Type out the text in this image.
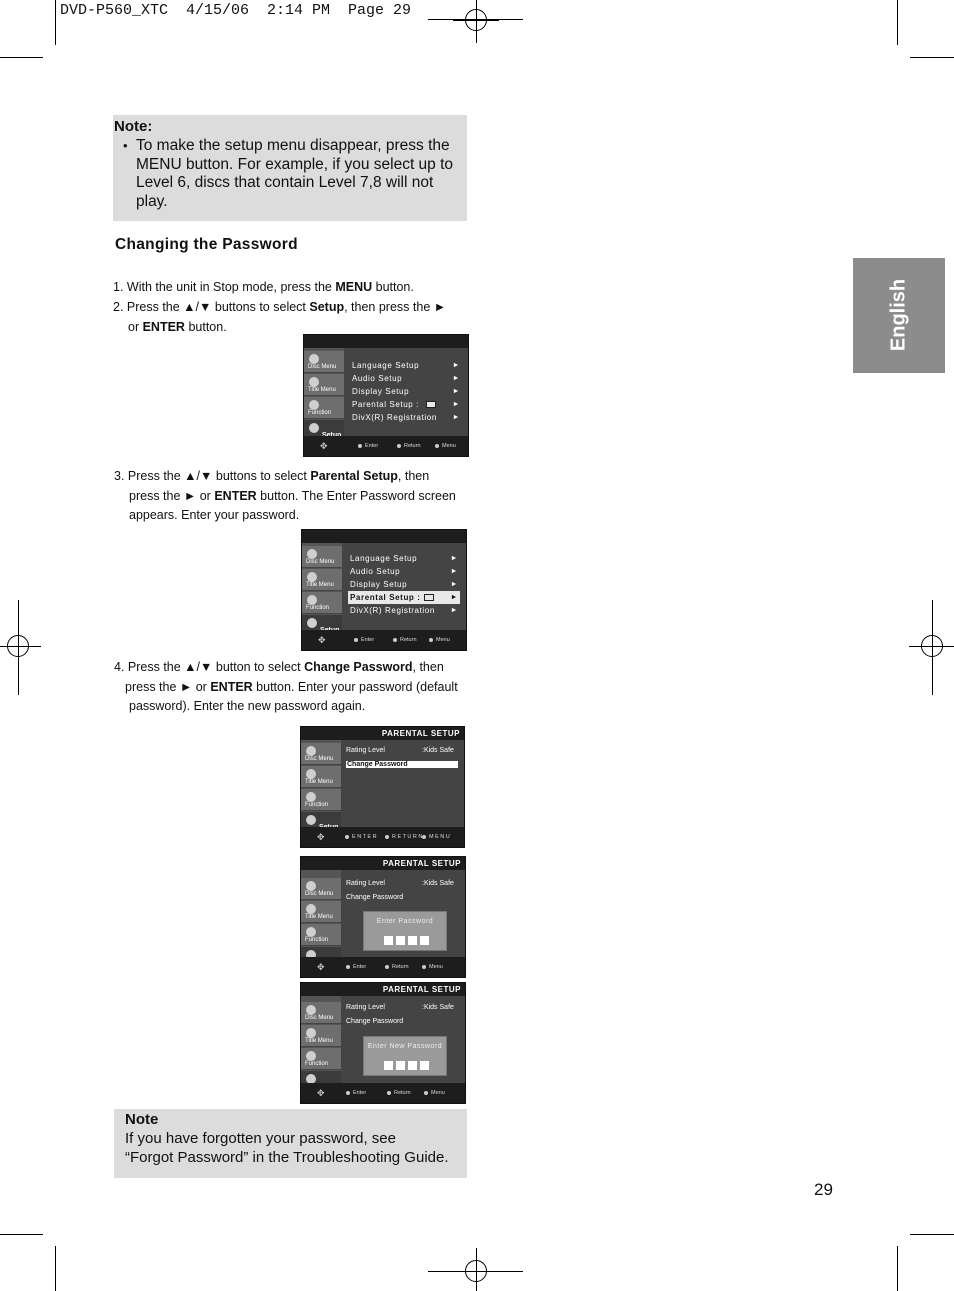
DVD-P560_XTC  4/15/06  2:14 PM  Page 29
Note:
• To make the setup menu disappear, press the MENU button. For example, if you select up to Level 6, discs that contain Level 7,8 will not play.
Changing the Password
1. With the unit in Stop mode, press the MENU button.
2. Press the ▲/▼ buttons to select Setup, then press the ►
or ENTER button.
Disc Menu
Title Menu
Function
Language Setup	►
Audio Setup	►
Display Setup	►
Parental Setup :	►
DivX(R) Registration ►
✥	Enter	Return	Menu
3. Press the ▲/▼ buttons to select Parental Setup, then
press the ► or ENTER button. The Enter Password screen
appears. Enter your password.
Disc Menu
Title Menu
Function
Language Setup	►
Audio Setup	►
Display Setup	►
Parental Setup :	►
DivX(R) Registration ►
✥	Enter	Return	Menu
4. Press the ▲/▼ button to select Change Password, then
press the ► or ENTER button. Enter your password (default
password). Enter the new password again.
PARENTAL SETUP
Disc Menu
Title Menu
Function
Rating Level	:Kids Safe
Change Password
✥	E N T E R	R E T U R N	M E N U
PARENTAL SETUP
Disc Menu
Title Menu
Function
Rating Level	:Kids Safe
Change Password
Enter Password
✥	Enter	Return	Menu
PARENTAL SETUP
Disc Menu
Title Menu
Function
Rating Level	:Kids Safe
Change Password
Enter New Password
✥	Enter	Return	Menu
Note
If you have forgotten your password, see
“Forgot Password” in the Troubleshooting Guide.
English
29
